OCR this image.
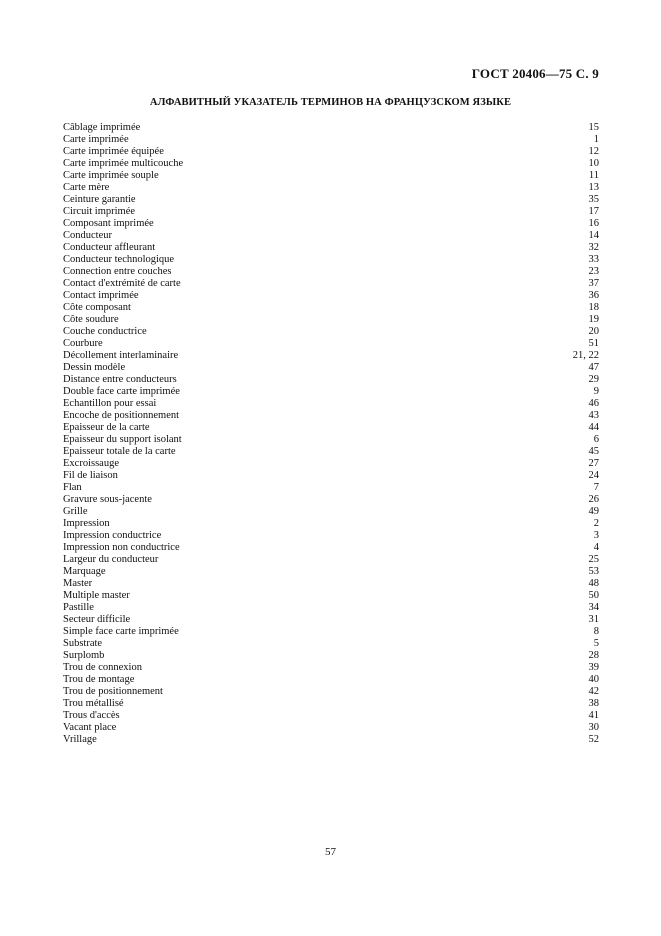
ГОСТ 20406—75 С. 9
АЛФАВИТНЫЙ УКАЗАТЕЛЬ ТЕРМИНОВ НА ФРАНЦУЗСКОМ ЯЗЫКЕ
Câblage imprimée	15
Carte imprimée	1
Carte imprimée équipée	12
Carte imprimée multicouche	10
Carte imprimée souple	11
Carte mère	13
Ceinture garantie	35
Circuit imprimée	17
Composant imprimée	16
Conducteur	14
Conducteur affleurant	32
Conducteur technologique	33
Connection entre couches	23
Contact d'extrémité de carte	37
Contact imprimée	36
Côte composant	18
Côte soudure	19
Couche conductrice	20
Courbure	51
Décollement interlaminaire	21, 22
Dessin modèle	47
Distance entre conducteurs	29
Double face carte imprimée	9
Echantillon pour essai	46
Encoche de positionnement	43
Epaisseur de la carte	44
Epaisseur du support isolant	6
Epaisseur totale de la carte	45
Excroissauge	27
Fil de liaison	24
Flan	7
Gravure sous-jacente	26
Grille	49
Impression	2
Impression conductrice	3
Impression non conductrice	4
Largeur du conducteur	25
Marquage	53
Master	48
Multiple master	50
Pastille	34
Secteur difficile	31
Simple face carte imprimée	8
Substrate	5
Surplomb	28
Trou de connexion	39
Trou de montage	40
Trou de positionnement	42
Trou métallisé	38
Trous d'accès	41
Vacant place	30
Vrillage	52
57
